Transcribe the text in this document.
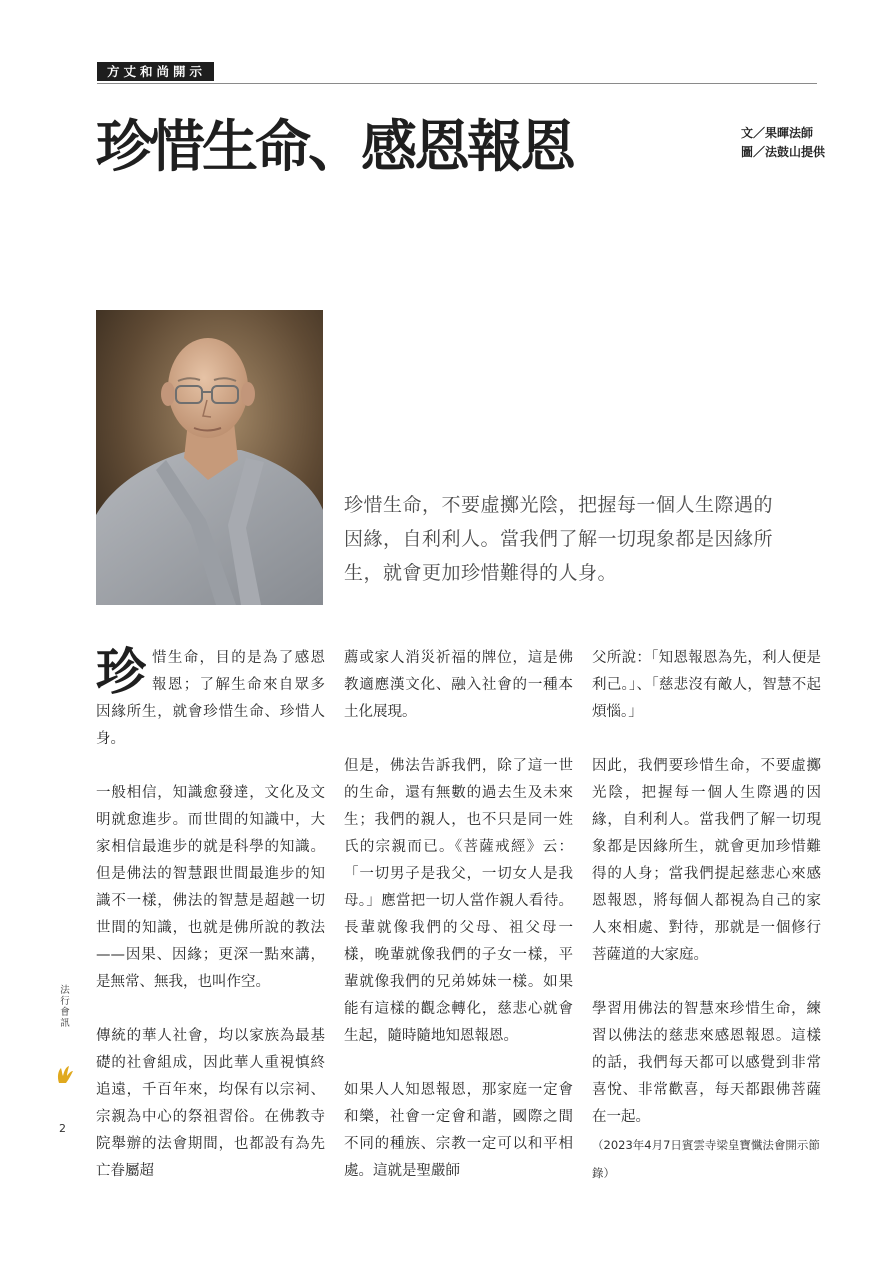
方丈和尚開示
珍惜生命、感恩報恩	文／果暉法師
圖／法鼓山提供
珍惜生命，不要虛擲光陰，把握每一個人生際遇的因緣，自利利人。當我們了解一切現象都是因緣所生，就會更加珍惜難得的人身。

珍惜生命，目的是為了感恩報恩；了解生命來自眾多因緣所生，就會珍惜生命、珍惜人身。

一般相信，知識愈發達，文化及文明就愈進步。而世間的知識中，大家相信最進步的就是科學的知識。但是佛法的智慧跟世間最進步的知識不一樣，佛法的智慧是超越一切世間的知識，也就是佛所說的教法——因果、因緣；更深一點來講，是無常、無我，也叫作空。

傳統的華人社會，均以家族為最基礎的社會組成，因此華人重視慎終追遠，千百年來，均保有以宗祠、宗親為中心的祭祖習俗。在佛教寺院舉辦的法會期間，也都設有為先亡眷屬超

薦或家人消災祈福的牌位，這是佛教適應漢文化、融入社會的一種本土化展現。

但是，佛法告訴我們，除了這一世的生命，還有無數的過去生及未來生；我們的親人，也不只是同一姓氏的宗親而已。《菩薩戒經》云：「一切男子是我父，一切女人是我母。」應當把一切人當作親人看待。長輩就像我們的父母、祖父母一樣，晚輩就像我們的子女一樣，平輩就像我們的兄弟姊妹一樣。如果能有這樣的觀念轉化，慈悲心就會生起，隨時隨地知恩報恩。

如果人人知恩報恩，那家庭一定會和樂，社會一定會和諧，國際之間不同的種族、宗教一定可以和平相處。這就是聖嚴師

父所說：「知恩報恩為先，利人便是利己。」、「慈悲沒有敵人，智慧不起煩惱。」

因此，我們要珍惜生命，不要虛擲光陰，把握每一個人生際遇的因緣，自利利人。當我們了解一切現象都是因緣所生，就會更加珍惜難得的人身；當我們提起慈悲心來感恩報恩，將每個人都視為自己的家人來相處、對待，那就是一個修行菩薩道的大家庭。

學習用佛法的智慧來珍惜生命，練習以佛法的慈悲來感恩報恩。這樣的話，我們每天都可以感覺到非常喜悅、非常歡喜，每天都跟佛菩薩在一起。

（2023年4月7日賓雲寺梁皇寶懺法會開示節錄）
法
行
會
訊
2
